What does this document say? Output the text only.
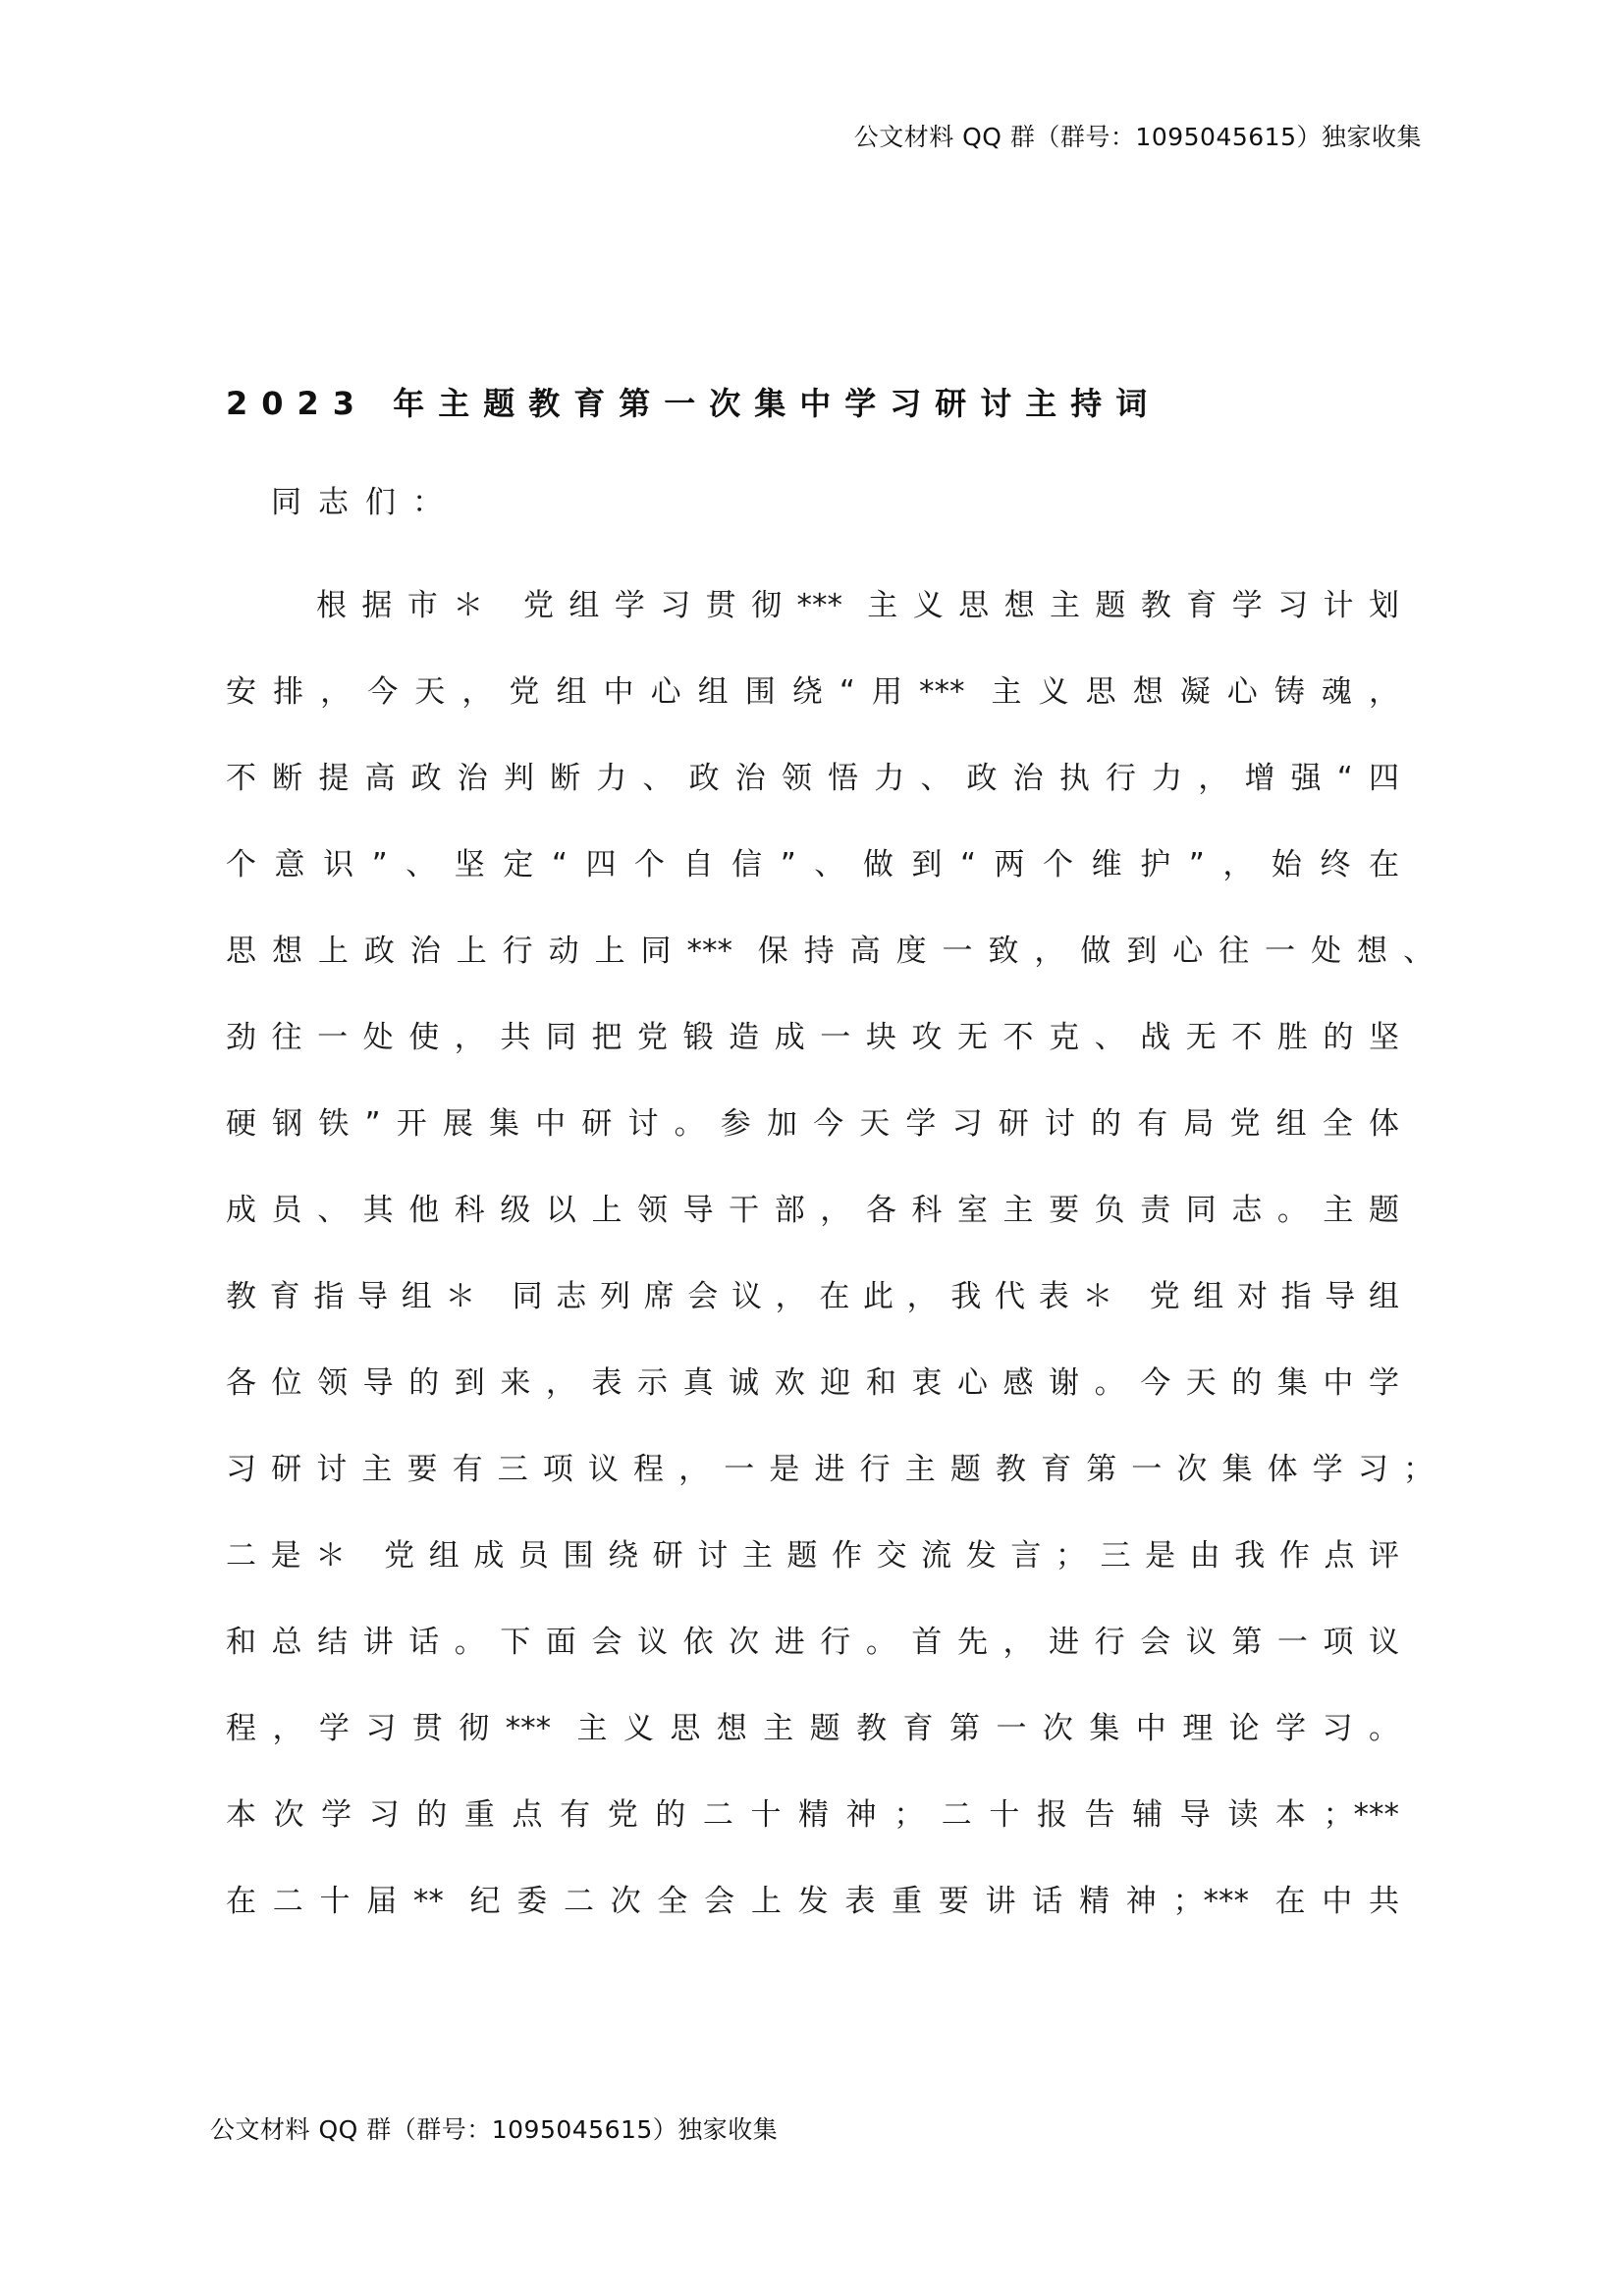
公文材料 QQ 群（群号：1095045615）独家收集
2023 年主题教育第一次集中学习研讨主持词
同志们：
根据市＊ 党组学习贯彻*** 主义思想主题教育学习计划
安排，今天，党组中心组围绕“用*** 主义思想凝心铸魂，
不断提高政治判断力、政治领悟力、政治执行力，增强“四
个意识”、坚定“四个自信”、做到“两个维护”，始终在
思想上政治上行动上同*** 保持高度一致，做到心往一处想、
劲往一处使，共同把党锻造成一块攻无不克、战无不胜的坚
硬钢铁”开展集中研讨。参加今天学习研讨的有局党组全体
成员、其他科级以上领导干部，各科室主要负责同志。主题
教育指导组＊ 同志列席会议，在此，我代表＊ 党组对指导组
各位领导的到来，表示真诚欢迎和衷心感谢。今天的集中学
习研讨主要有三项议程，一是进行主题教育第一次集体学习；
二是＊ 党组成员围绕研讨主题作交流发言；三是由我作点评
和总结讲话。下面会议依次进行。首先，进行会议第一项议
程，学习贯彻*** 主义思想主题教育第一次集中理论学习。
本次学习的重点有党的二十精神；二十报告辅导读本；***
在二十届** 纪委二次全会上发表重要讲话精神；*** 在中共
公文材料 QQ 群（群号：1095045615）独家收集
